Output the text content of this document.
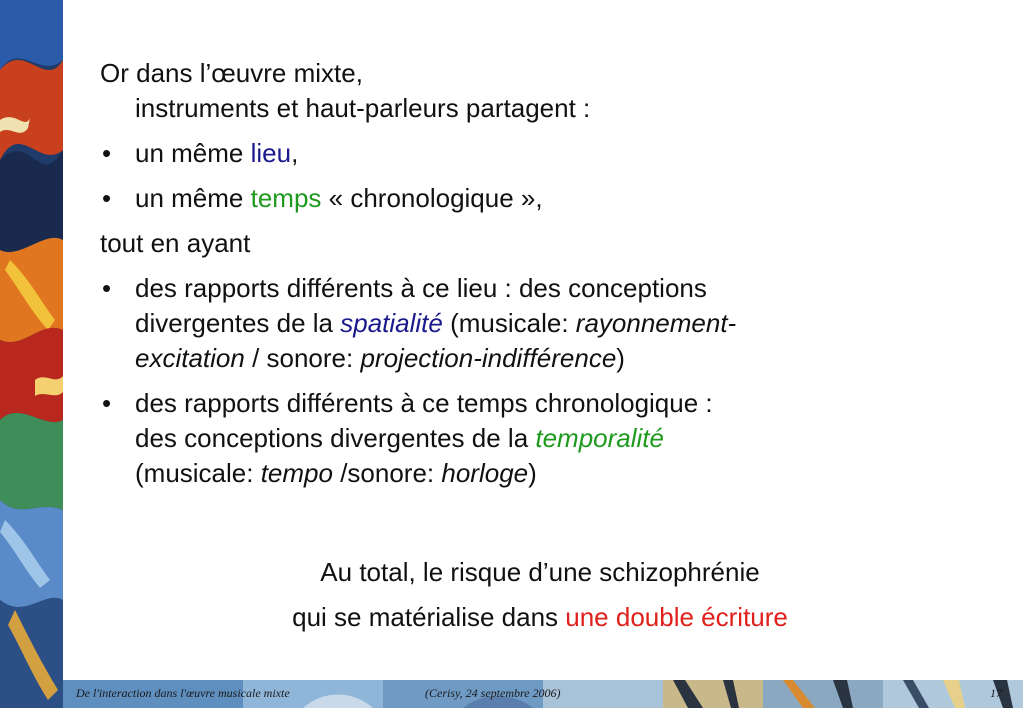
Or dans l’œuvre mixte,

instruments et haut-parleurs partagent :

• un même lieu,
• un même temps « chronologique »,

tout en ayant

• des rapports différents à ce lieu : des conceptions
divergentes de la spatialité (musicale: rayonnement-
excitation / sonore: projection-indifférence)
• des rapports différents à ce temps chronologique :
des conceptions divergentes de la temporalité
(musicale: tempo /sonore: horloge)
Au total, le risque d’une schizophrénie
qui se matérialise dans une double écriture
De l'interaction dans l'œuvre musicale mixte	(Cerisy, 24 septembre 2006)	17
